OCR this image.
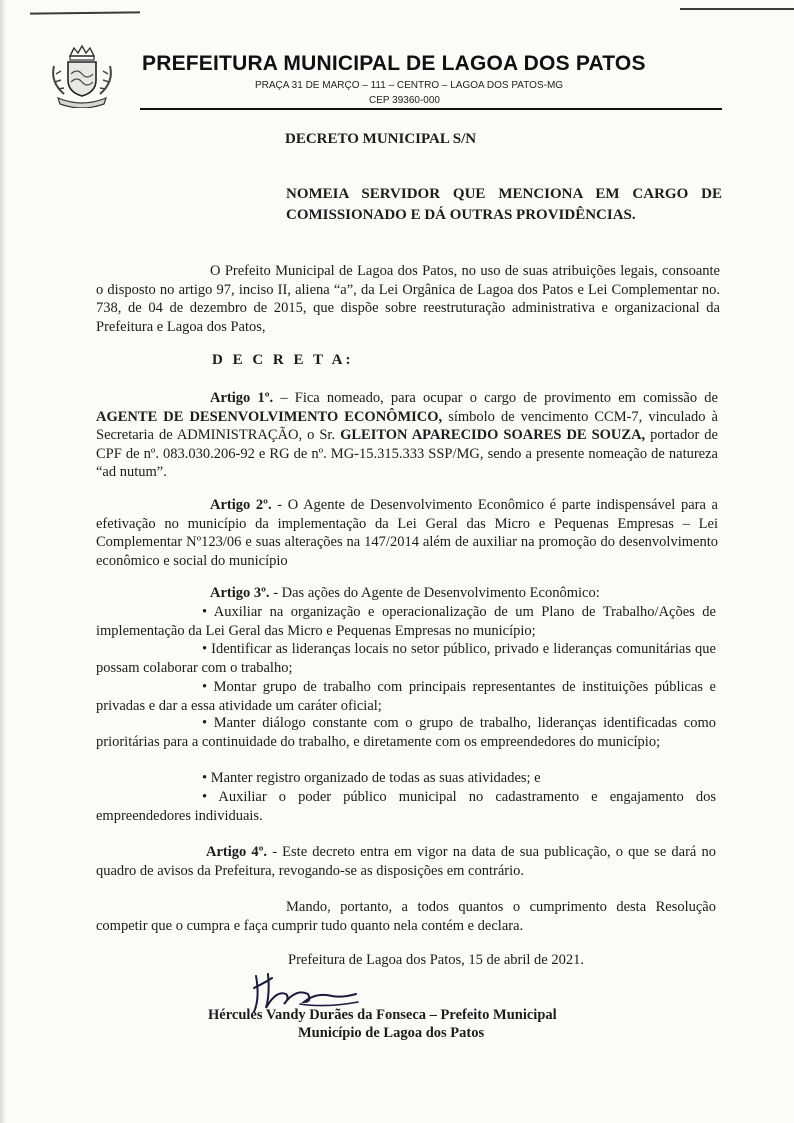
PREFEITURA MUNICIPAL DE LAGOA DOS PATOS
PRAÇA 31 DE MARÇO – 111 – CENTRO – LAGOA DOS PATOS-MG
CEP 39360-000
DECRETO MUNICIPAL S/N
NOMEIA SERVIDOR QUE MENCIONA EM CARGO DE COMISSIONADO E DÁ OUTRAS PROVIDÊNCIAS.

O Prefeito Municipal de Lagoa dos Patos, no uso de suas atribuições legais, consoante o disposto no artigo 97, inciso II, aliena “a”, da Lei Orgânica de Lagoa dos Patos e Lei Complementar no. 738, de 04 de dezembro de 2015, que dispõe sobre reestruturação administrativa e organizacional da Prefeitura e Lagoa dos Patos,

D E C R E T A:

Artigo 1º. – Fica nomeado, para ocupar o cargo de provimento em comissão de AGENTE DE DESENVOLVIMENTO ECONÔMICO, símbolo de vencimento CCM-7, vinculado à Secretaria de ADMINISTRAÇÃO, o Sr. GLEITON APARECIDO SOARES DE SOUZA, portador de CPF de nº. 083.030.206-92 e RG de nº. MG-15.315.333 SSP/MG, sendo a presente nomeação de natureza “ad nutum”.

Artigo 2º. - O Agente de Desenvolvimento Econômico é parte indispensável para a efetivação no município da implementação da Lei Geral das Micro e Pequenas Empresas – Lei Complementar Nº123/06 e suas alterações na 147/2014 além de auxiliar na promoção do desenvolvimento econômico e social do município

Artigo 3º. - Das ações do Agente de Desenvolvimento Econômico:

• Auxiliar na organização e operacionalização de um Plano de Trabalho/Ações de implementação da Lei Geral das Micro e Pequenas Empresas no município;

• Identificar as lideranças locais no setor público, privado e lideranças comunitárias que possam colaborar com o trabalho;

• Montar grupo de trabalho com principais representantes de instituições públicas e privadas e dar a essa atividade um caráter oficial;

• Manter diálogo constante com o grupo de trabalho, lideranças identificadas como prioritárias para a continuidade do trabalho, e diretamente com os empreendedores do município;

• Manter registro organizado de todas as suas atividades; e

• Auxiliar o poder público municipal no cadastramento e engajamento dos empreendedores individuais.

Artigo 4º. - Este decreto entra em vigor na data de sua publicação, o que se dará no quadro de avisos da Prefeitura, revogando-se as disposições em contrário.

Mando, portanto, a todos quantos o cumprimento desta Resolução competir que o cumpra e faça cumprir tudo quanto nela contém e declara.

Prefeitura de Lagoa dos Patos, 15 de abril de 2021.
Hércules Vandy Durães da Fonseca – Prefeito Municipal
Município de Lagoa dos Patos
